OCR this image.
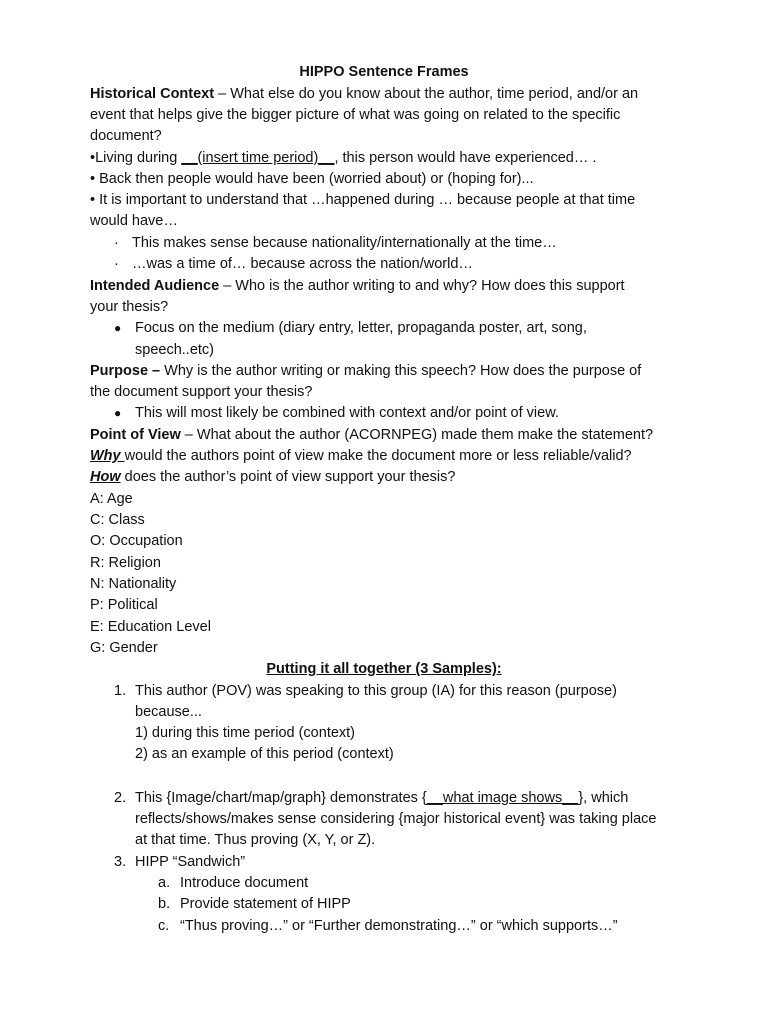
HIPPO Sentence Frames
Historical Context – What else do you know about the author, time period, and/or an
event that helps give the bigger picture of what was going on related to the specific
document?
•Living during __(insert time period)__, this person would have experienced… .
• Back then people would have been (worried about) or (hoping for)...
• It is important to understand that …happened during … because people at that time
would have…
· This makes sense because nationality/internationally at the time…
· …was a time of… because across the nation/world…
Intended Audience – Who is the author writing to and why? How does this support
your thesis?
● Focus on the medium (diary entry, letter, propaganda poster, art, song,
speech..etc)
Purpose – Why is the author writing or making this speech? How does the purpose of
the document support your thesis?
● This will most likely be combined with context and/or point of view.
Point of View – What about the author (ACORNPEG) made them make the statement?
Why would the authors point of view make the document more or less reliable/valid?
How does the author’s point of view support your thesis?
A: Age
C: Class
O: Occupation
R: Religion
N: Nationality
P: Political
E: Education Level
G: Gender
Putting it all together (3 Samples):
1. This author (POV) was speaking to this group (IA) for this reason (purpose)
because...
1) during this time period (context)
2) as an example of this period (context)
2. This {Image/chart/map/graph} demonstrates {__what image shows__}, which
reflects/shows/makes sense considering {major historical event} was taking place
at that time. Thus proving (X, Y, or Z).
3. HIPP “Sandwich”
a. Introduce document
b. Provide statement of HIPP
c. “Thus proving…” or “Further demonstrating…” or “which supports…”
